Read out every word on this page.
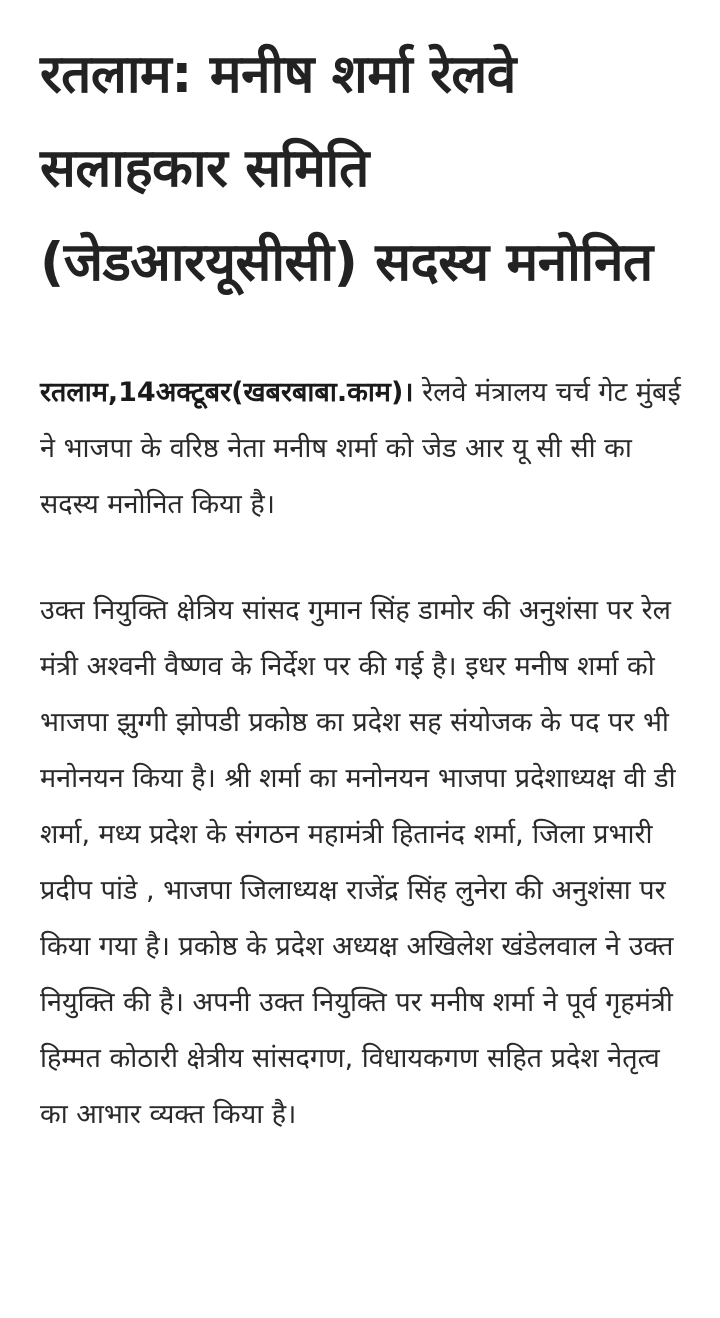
रतलाम: मनीष शर्मा रेलवे सलाहकार समिति (जेडआरयूसीसी) सदस्य मनोनित

रतलाम,14अक्टूबर(खबरबाबा.काम)। रेलवे मंत्रालय चर्च गेट मुंबई ने भाजपा के वरिष्ठ नेता मनीष शर्मा को जेड आर यू सी सी का सदस्य मनोनित किया है।

उक्त नियुक्ति क्षेत्रिय सांसद गुमान सिंह डामोर की अनुशंसा पर रेल मंत्री अश्वनी वैष्णव के निर्देश पर की गई है। इधर मनीष शर्मा को भाजपा झुग्गी झोपडी प्रकोष्ठ का प्रदेश सह संयोजक के पद पर भी मनोनयन किया है। श्री शर्मा का मनोनयन भाजपा प्रदेशाध्यक्ष वी डी शर्मा, मध्य प्रदेश के संगठन महामंत्री हितानंद शर्मा, जिला प्रभारी प्रदीप पांडे , भाजपा जिलाध्यक्ष राजेंद्र सिंह लुनेरा की अनुशंसा पर किया गया है। प्रकोष्ठ के प्रदेश अध्यक्ष अखिलेश खंडेलवाल ने उक्त नियुक्ति की है। अपनी उक्त नियुक्ति पर मनीष शर्मा ने पूर्व गृहमंत्री हिम्मत कोठारी क्षेत्रीय सांसदगण, विधायकगण सहित प्रदेश नेतृत्व का आभार व्यक्त किया है।
